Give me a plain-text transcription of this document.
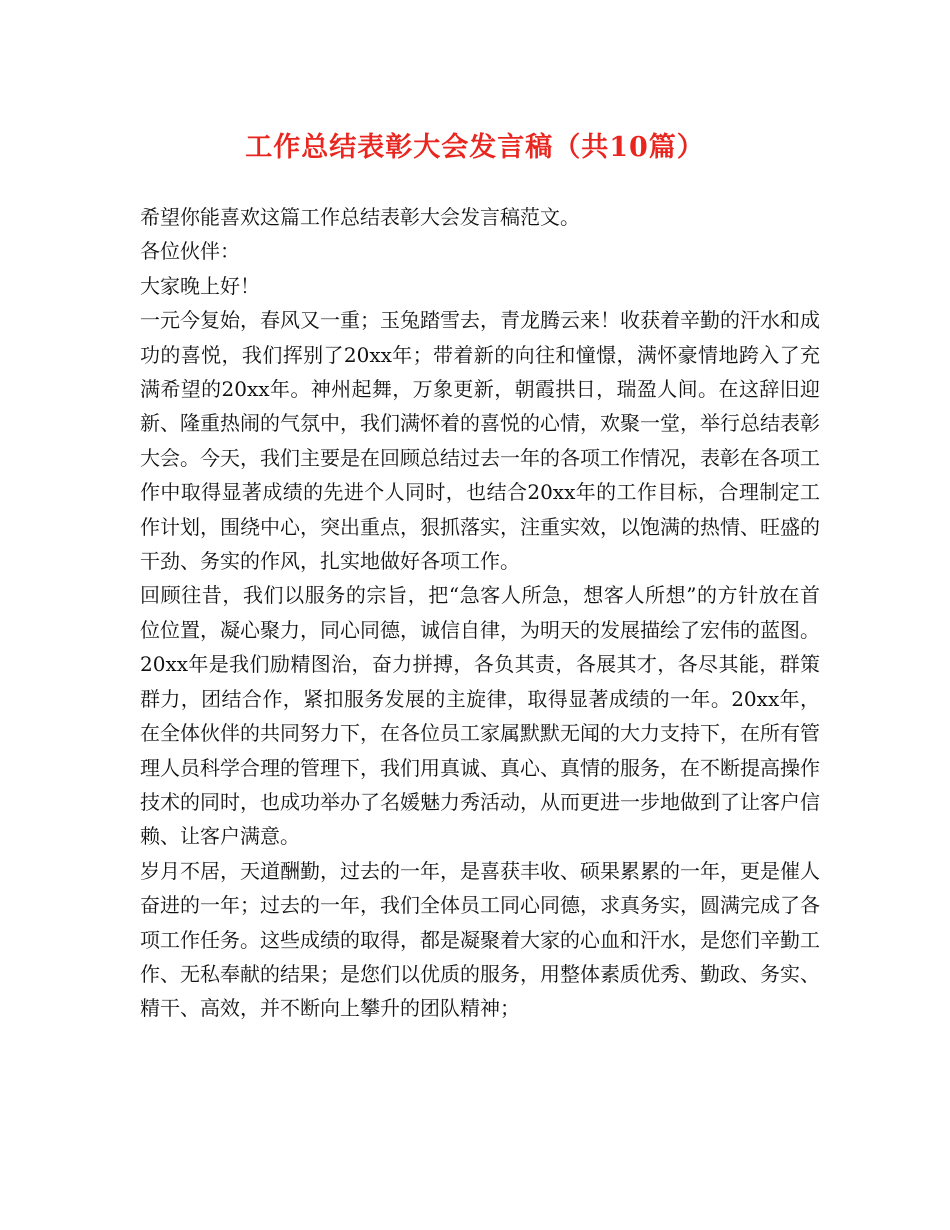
工作总结表彰大会发言稿（共10篇）

希望你能喜欢这篇工作总结表彰大会发言稿范文。

各位伙伴：

大家晚上好！

一元今复始，春风又一重；玉兔踏雪去，青龙腾云来！收获着辛勤的汗水和成功的喜悦，我们挥别了20xx年；带着新的向往和憧憬，满怀豪情地跨入了充满希望的20xx年。神州起舞，万象更新，朝霞拱日，瑞盈人间。在这辞旧迎新、隆重热闹的气氛中，我们满怀着的喜悦的心情，欢聚一堂，举行总结表彰大会。今天，我们主要是在回顾总结过去一年的各项工作情况，表彰在各项工作中取得显著成绩的先进个人同时，也结合20xx年的工作目标，合理制定工作计划，围绕中心，突出重点，狠抓落实，注重实效，以饱满的热情、旺盛的干劲、务实的作风，扎实地做好各项工作。

回顾往昔，我们以服务的宗旨，把“急客人所急，想客人所想”的方针放在首位位置，凝心聚力，同心同德，诚信自律，为明天的发展描绘了宏伟的蓝图。20xx年是我们励精图治，奋力拼搏，各负其责，各展其才，各尽其能，群策群力，团结合作，紧扣服务发展的主旋律，取得显著成绩的一年。20xx年，在全体伙伴的共同努力下，在各位员工家属默默无闻的大力支持下，在所有管理人员科学合理的管理下，我们用真诚、真心、真情的服务，在不断提高操作技术的同时，也成功举办了名媛魅力秀活动，从而更进一步地做到了让客户信赖、让客户满意。

岁月不居，天道酬勤，过去的一年，是喜获丰收、硕果累累的一年，更是催人奋进的一年；过去的一年，我们全体员工同心同德，求真务实，圆满完成了各项工作任务。这些成绩的取得，都是凝聚着大家的心血和汗水，是您们辛勤工作、无私奉献的结果；是您们以优质的服务，用整体素质优秀、勤政、务实、精干、高效，并不断向上攀升的团队精神；
